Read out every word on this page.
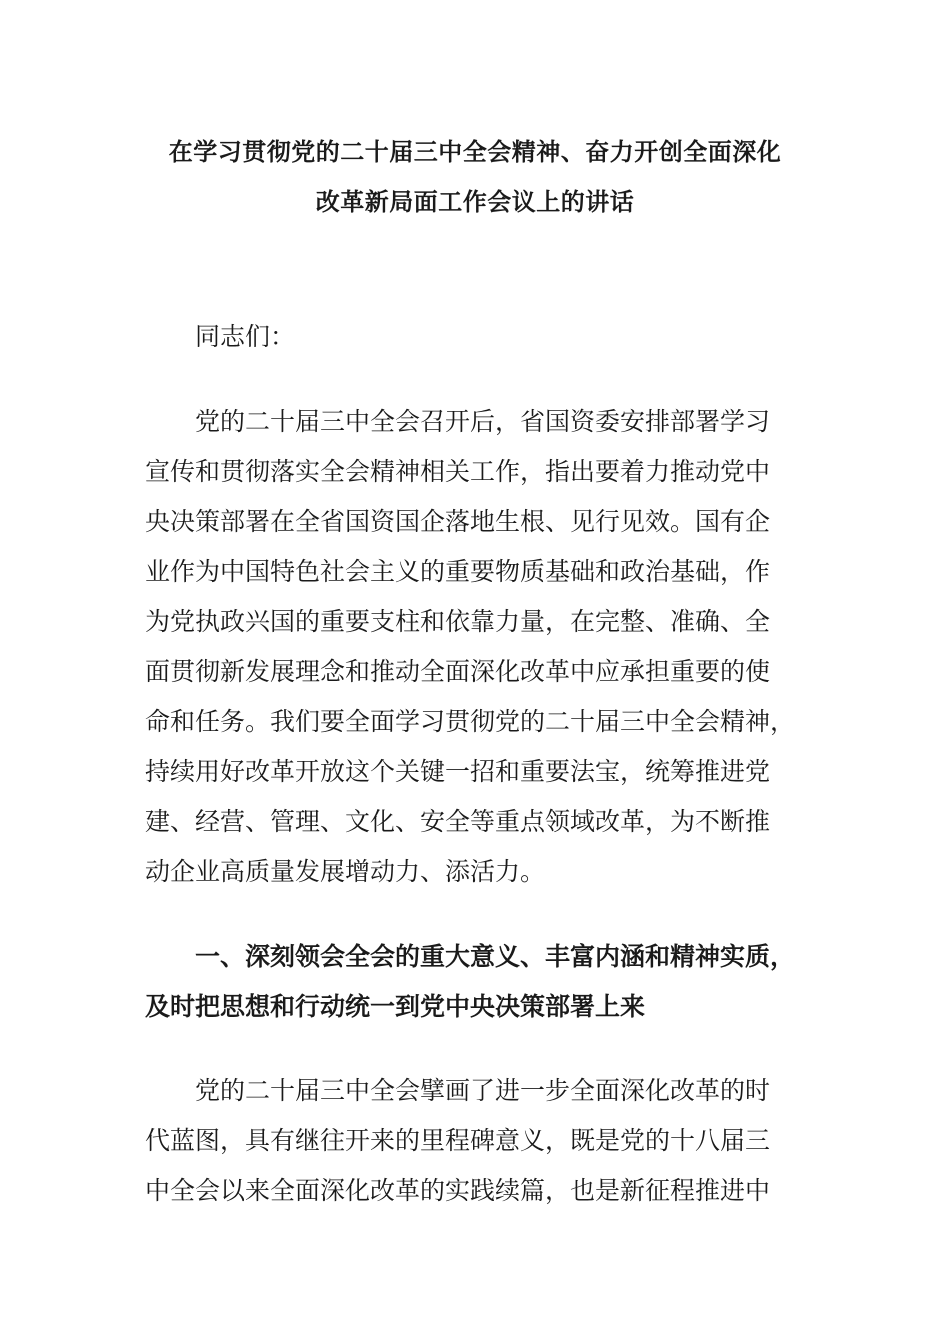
在学习贯彻党的二十届三中全会精神、奋力开创全面深化
改革新局面工作会议上的讲话
同志们：
党的二十届三中全会召开后，省国资委安排部署学习
宣传和贯彻落实全会精神相关工作，指出要着力推动党中
央决策部署在全省国资国企落地生根、见行见效。国有企
业作为中国特色社会主义的重要物质基础和政治基础，作
为党执政兴国的重要支柱和依靠力量，在完整、准确、全
面贯彻新发展理念和推动全面深化改革中应承担重要的使
命和任务。我们要全面学习贯彻党的二十届三中全会精神，
持续用好改革开放这个关键一招和重要法宝，统筹推进党
建、经营、管理、文化、安全等重点领域改革，为不断推
动企业高质量发展增动力、添活力。
一、深刻领会全会的重大意义、丰富内涵和精神实质，
及时把思想和行动统一到党中央决策部署上来
党的二十届三中全会擘画了进一步全面深化改革的时
代蓝图，具有继往开来的里程碑意义，既是党的十八届三
中全会以来全面深化改革的实践续篇，也是新征程推进中
